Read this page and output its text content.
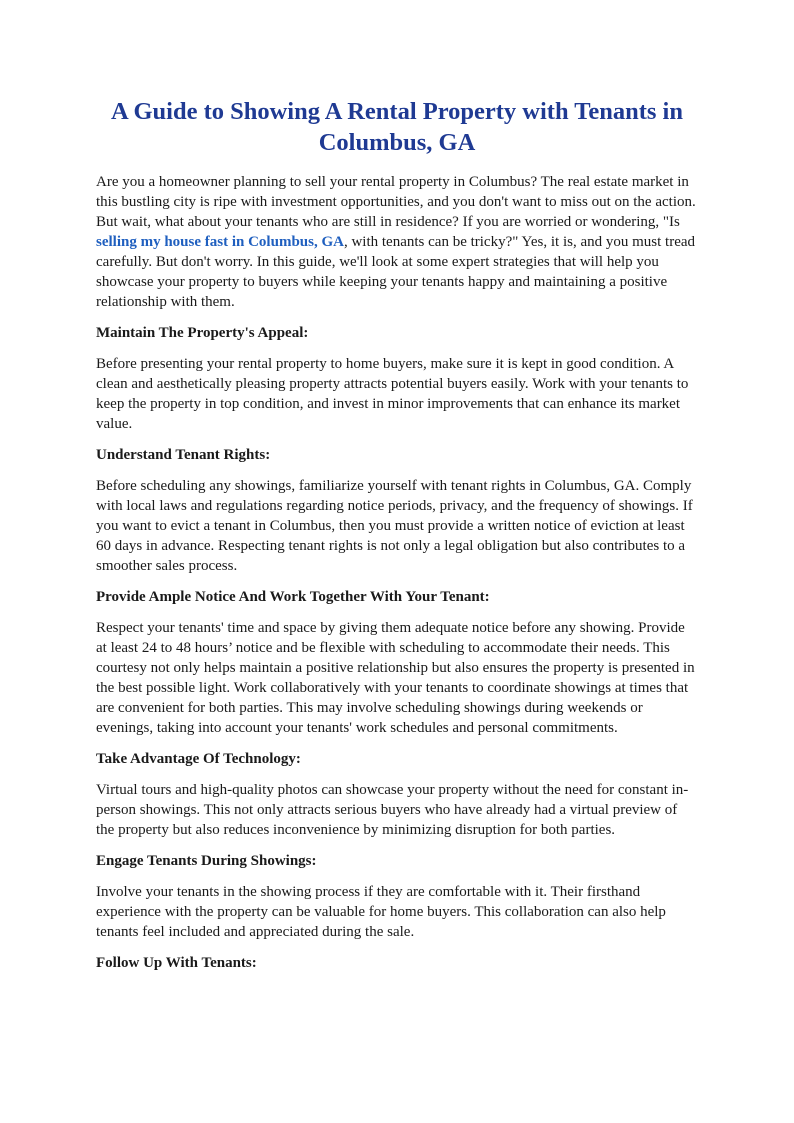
A Guide to Showing A Rental Property with Tenants in Columbus, GA

Are you a homeowner planning to sell your rental property in Columbus? The real estate market in this bustling city is ripe with investment opportunities, and you don't want to miss out on the action. But wait, what about your tenants who are still in residence? If you are worried or wondering, "Is selling my house fast in Columbus, GA, with tenants can be tricky?" Yes, it is, and you must tread carefully. But don't worry. In this guide, we'll look at some expert strategies that will help you showcase your property to buyers while keeping your tenants happy and maintaining a positive relationship with them.

Maintain The Property's Appeal:

Before presenting your rental property to home buyers, make sure it is kept in good condition. A clean and aesthetically pleasing property attracts potential buyers easily. Work with your tenants to keep the property in top condition, and invest in minor improvements that can enhance its market value.

Understand Tenant Rights:

Before scheduling any showings, familiarize yourself with tenant rights in Columbus, GA. Comply with local laws and regulations regarding notice periods, privacy, and the frequency of showings. If you want to evict a tenant in Columbus, then you must provide a written notice of eviction at least 60 days in advance. Respecting tenant rights is not only a legal obligation but also contributes to a smoother sales process.

Provide Ample Notice And Work Together With Your Tenant:

Respect your tenants' time and space by giving them adequate notice before any showing. Provide at least 24 to 48 hours’ notice and be flexible with scheduling to accommodate their needs. This courtesy not only helps maintain a positive relationship but also ensures the property is presented in the best possible light. Work collaboratively with your tenants to coordinate showings at times that are convenient for both parties. This may involve scheduling showings during weekends or evenings, taking into account your tenants' work schedules and personal commitments.

Take Advantage Of Technology:

Virtual tours and high-quality photos can showcase your property without the need for constant in-person showings. This not only attracts serious buyers who have already had a virtual preview of the property but also reduces inconvenience by minimizing disruption for both parties.

Engage Tenants During Showings:

Involve your tenants in the showing process if they are comfortable with it. Their firsthand experience with the property can be valuable for home buyers. This collaboration can also help tenants feel included and appreciated during the sale.

Follow Up With Tenants:
